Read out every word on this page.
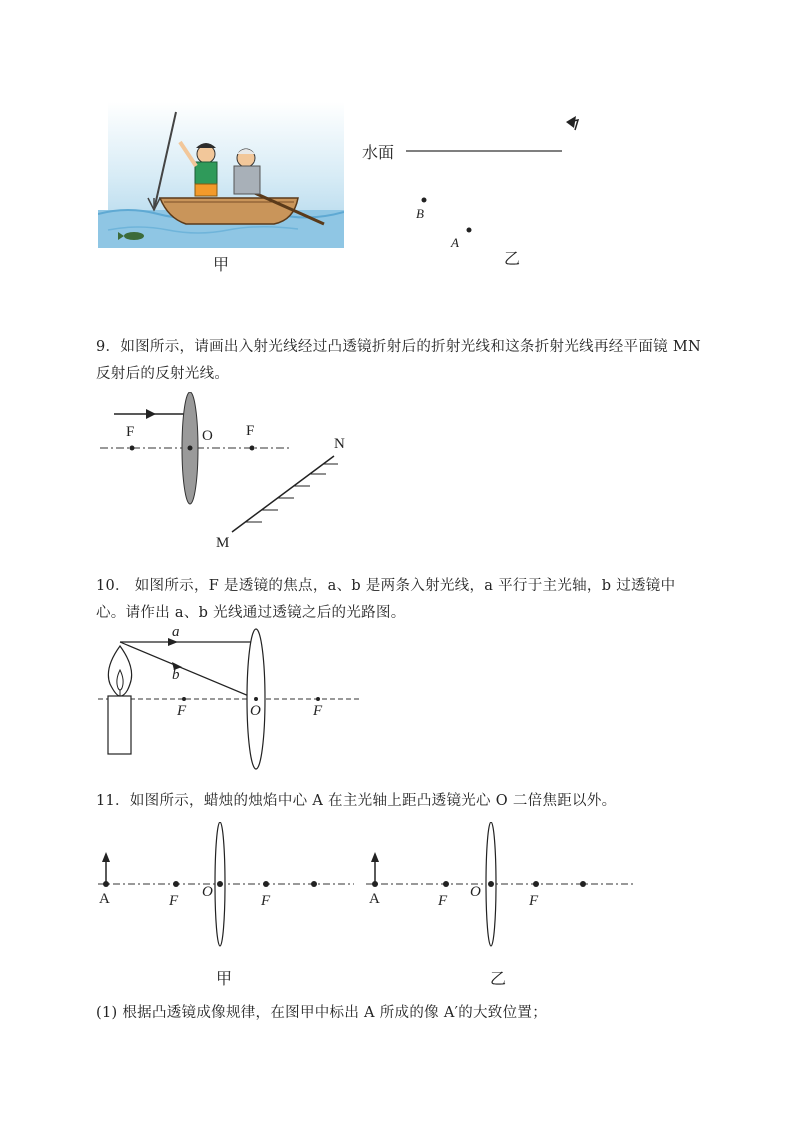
甲
水面
B
A
乙
9．如图所示，请画出入射光线经过凸透镜折射后的折射光线和这条折射光线再经平面镜 MN 反射后的反射光线。
F	O F
N
M
10． 如图所示，F 是透镜的焦点，a、b 是两条入射光线，a 平行于主光轴，b 过透镜中心。请作出 a、b 光线通过透镜之后的光路图。
a
b
F	O	F
11．如图所示，蜡烛的烛焰中心 A 在主光轴上距凸透镜光心 O 二倍焦距以外。
A	F
O
F
甲
A	F
O
F
乙
(1) 根据凸透镜成像规律，在图甲中标出 A 所成的像 A′的大致位置；
